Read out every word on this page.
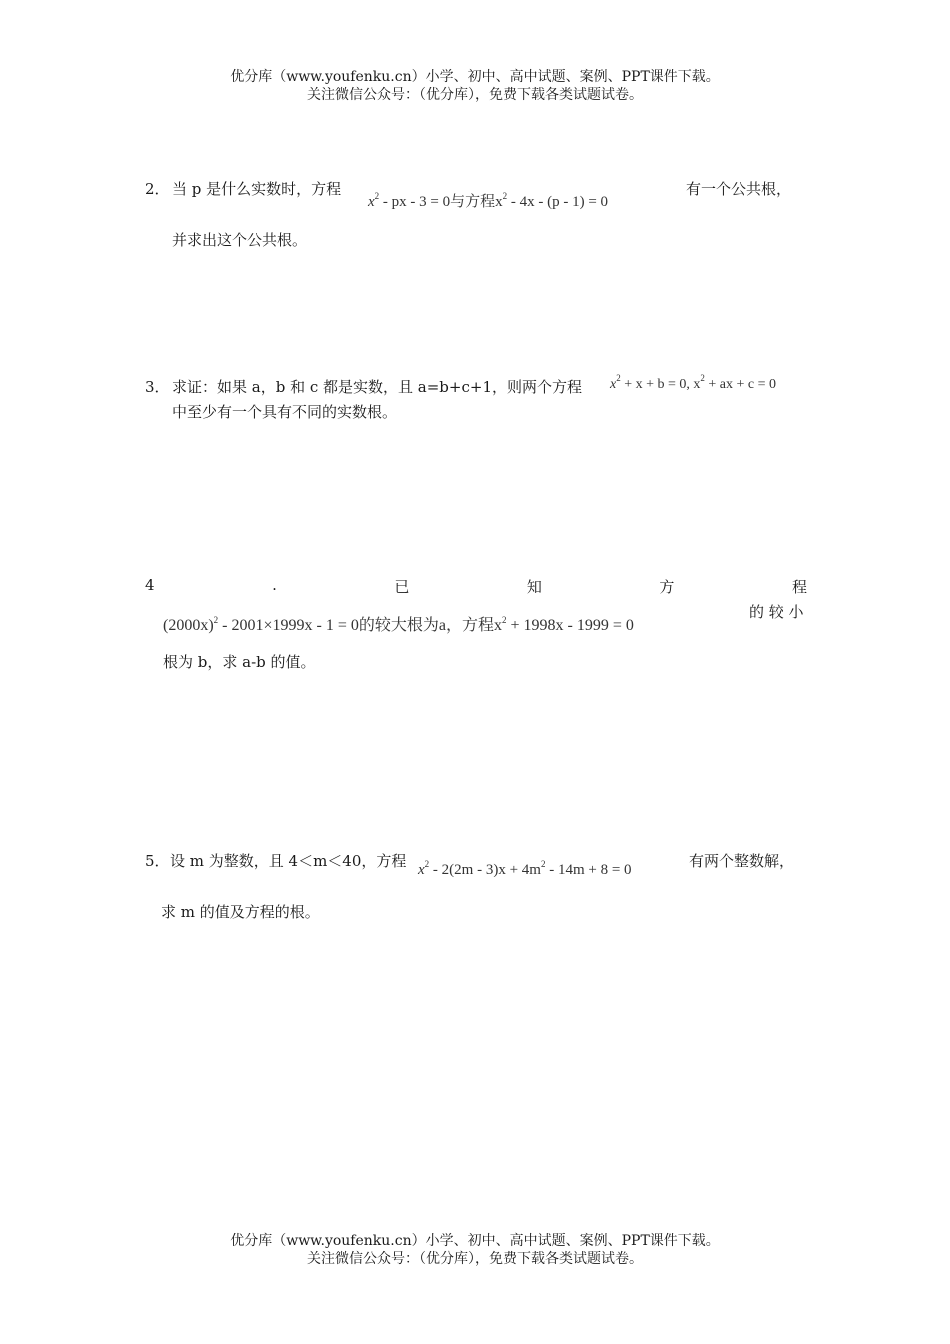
优分库（www.youfenku.cn）小学、初中、高中试题、案例、PPT课件下载。
关注微信公众号：（优分库），免费下载各类试题试卷。
2． 当 p 是什么实数时，方程
$x^2$ - px - 3 = 0与方程$x^2 - 4x - (p - 1) = 0$
有一个公共根，
并求出这个公共根。
3． 求证：如果 a，b 和 c 都是实数，且 a=b+c+1，则两个方程 $x^2 + x + b = 0$, $x^2$ + ax + c = 0
中至少有一个具有不同的实数根。
4	.	已	知	方	程
$(2000x)^2 - 2001\times 1999x - 1 = 0$的较大根为a，方程$x^2 + 1998x - 1999 = 0$
的 较 小
根为 b，求 a-b 的值。
5． 设 m 为整数，且 4＜m＜40，方程 $x^2 - 2(2m - 3)x + 4m^2 - 14m + 8 = 0$	有两个整数解，
求 m 的值及方程的根。
优分库（www.youfenku.cn）小学、初中、高中试题、案例、PPT课件下载。
关注微信公众号：（优分库），免费下载各类试题试卷。
